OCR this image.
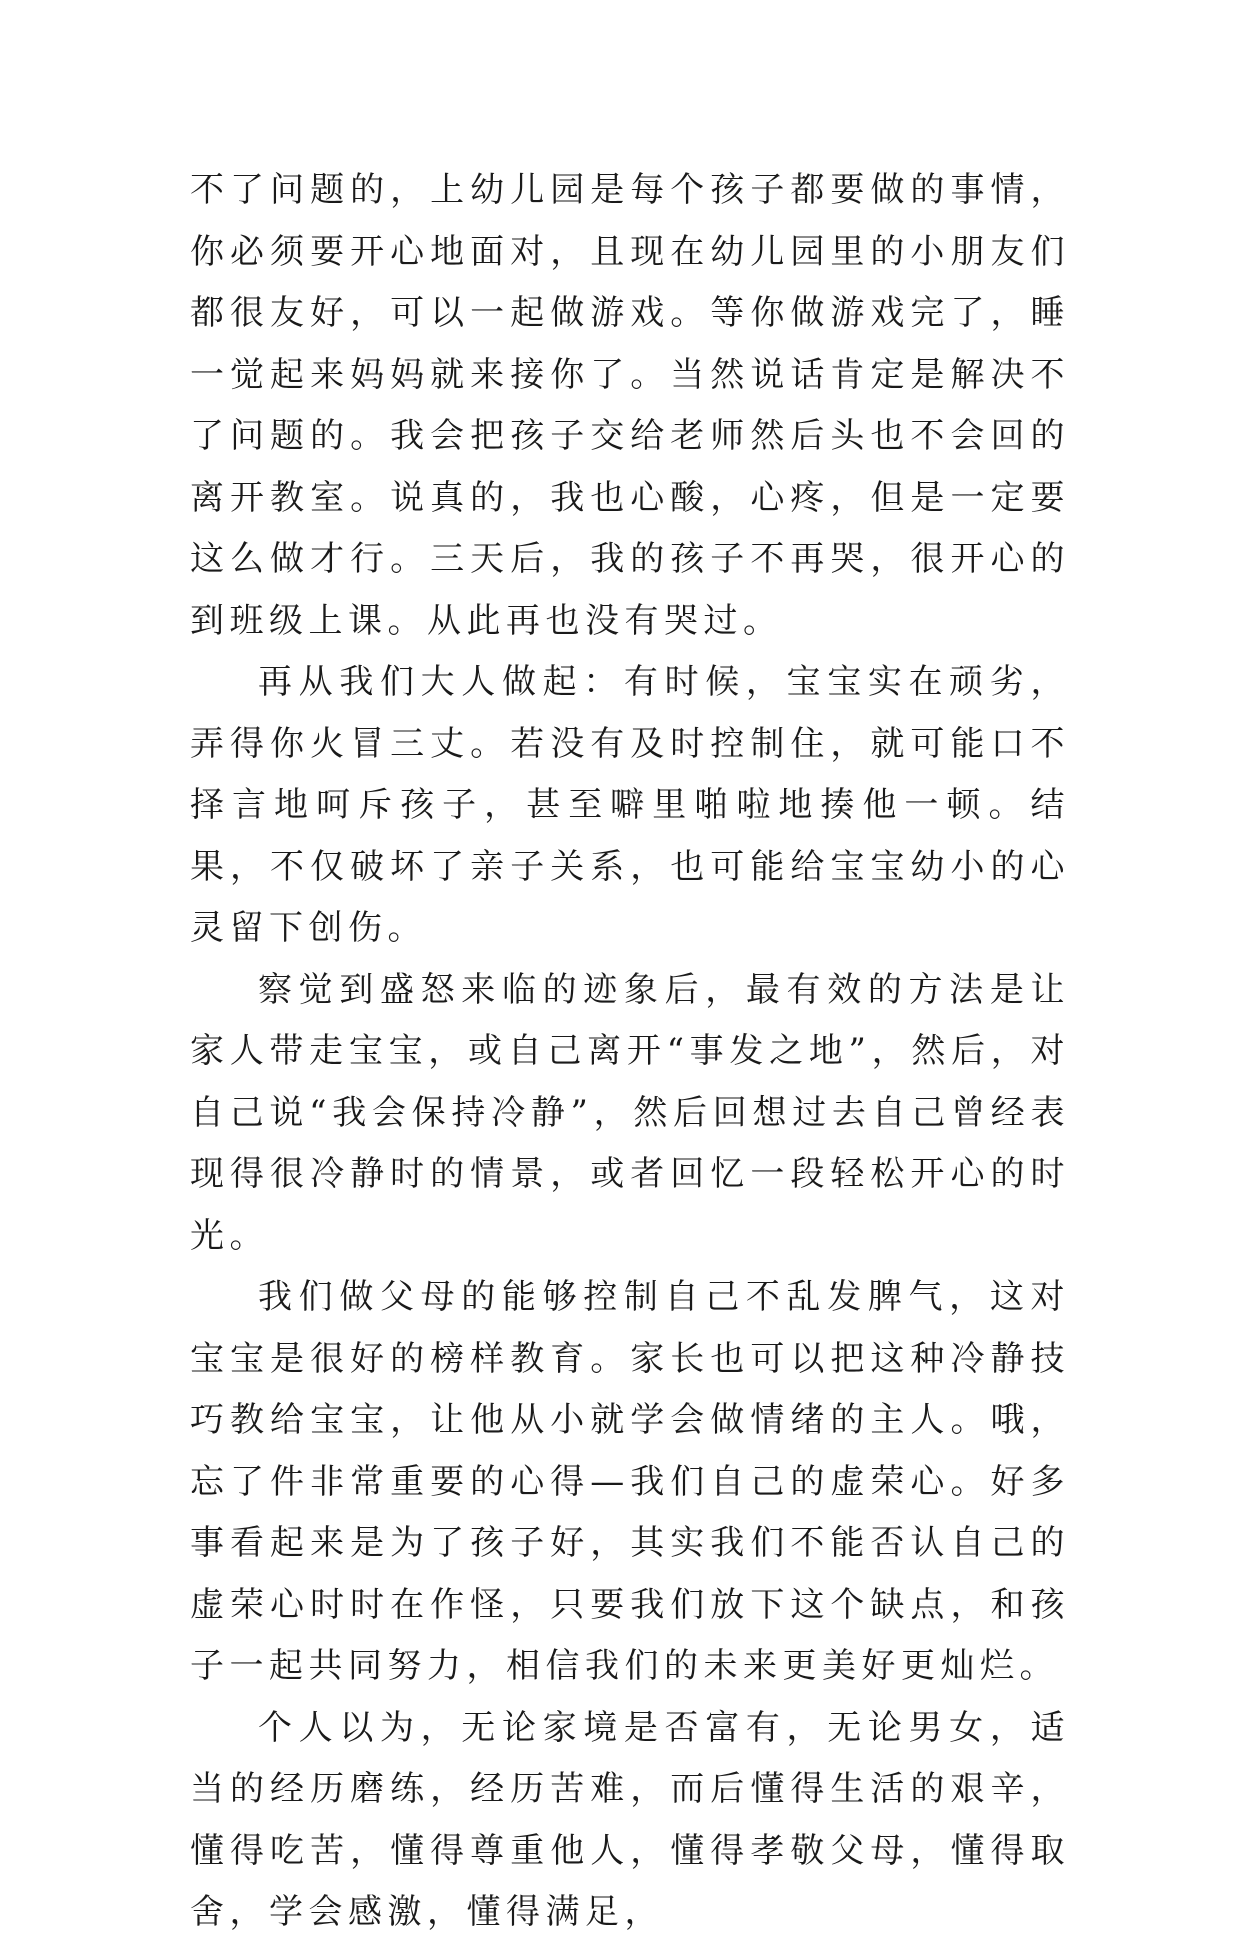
不了问题的，上幼儿园是每个孩子都要做的事情，你必须要开心地面对，且现在幼儿园里的小朋友们都很友好，可以一起做游戏。等你做游戏完了，睡一觉起来妈妈就来接你了。当然说话肯定是解决不了问题的。我会把孩子交给老师然后头也不会回的离开教室。说真的，我也心酸，心疼，但是一定要这么做才行。三天后，我的孩子不再哭，很开心的到班级上课。从此再也没有哭过。

再从我们大人做起：有时候，宝宝实在顽劣，弄得你火冒三丈。若没有及时控制住，就可能口不择言地呵斥孩子，甚至噼里啪啦地揍他一顿。结果，不仅破坏了亲子关系，也可能给宝宝幼小的心灵留下创伤。

察觉到盛怒来临的迹象后，最有效的方法是让家人带走宝宝，或自己离开“事发之地”，然后，对自己说“我会保持冷静”，然后回想过去自己曾经表现得很冷静时的情景，或者回忆一段轻松开心的时光。

我们做父母的能够控制自己不乱发脾气，这对宝宝是很好的榜样教育。家长也可以把这种冷静技巧教给宝宝，让他从小就学会做情绪的主人。哦，忘了件非常重要的心得—我们自己的虚荣心。好多事看起来是为了孩子好，其实我们不能否认自己的虚荣心时时在作怪，只要我们放下这个缺点，和孩子一起共同努力，相信我们的未来更美好更灿烂。

个人以为，无论家境是否富有，无论男女，适当的经历磨练，经历苦难，而后懂得生活的艰辛，懂得吃苦，懂得尊重他人，懂得孝敬父母，懂得取舍，学会感激，懂得满足，
